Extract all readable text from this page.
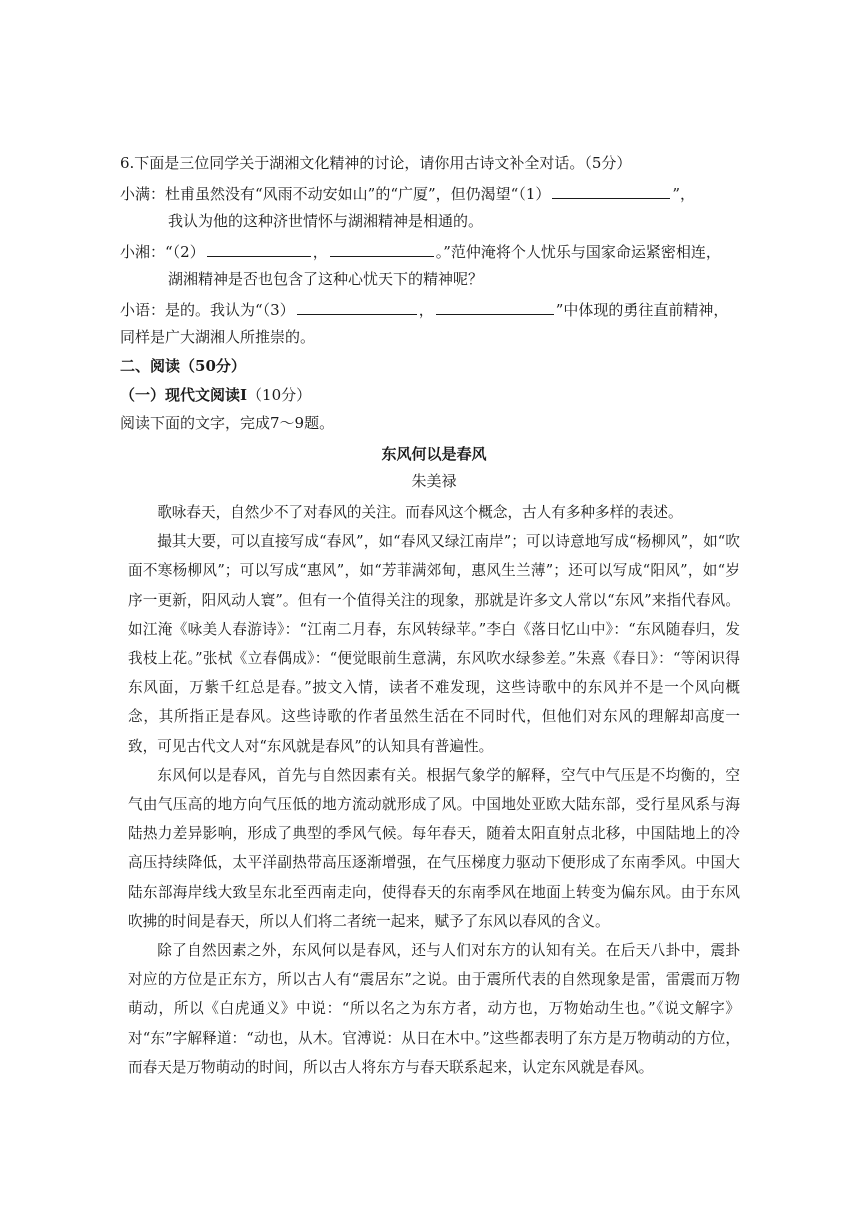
6.下面是三位同学关于湖湘文化精神的讨论，请你用古诗文补全对话。（5分）
小满：杜甫虽然没有“风雨不动安如山”的“广厦”，但仍渴望“（1）	”，
我认为他的这种济世情怀与湖湘精神是相通的。
小湘：“（2）	，	。”范仲淹将个人忧乐与国家命运紧密相连，
湖湘精神是否也包含了这种心忧天下的精神呢？
小语：是的。我认为“（3）	，	”中体现的勇往直前精神，
同样是广大湖湘人所推崇的。
二、阅读（50分）
（一）现代文阅读Ⅰ（10分）
阅读下面的文字，完成7～9题。
东风何以是春风
朱美禄

歌咏春天，自然少不了对春风的关注。而春风这个概念，古人有多种多样的表述。

撮其大要，可以直接写成“春风”，如“春风又绿江南岸”；可以诗意地写成“杨柳风”，如“吹面不寒杨柳风”；可以写成“惠风”，如“芳菲满郊甸，惠风生兰薄”；还可以写成“阳风”，如“岁序一更新，阳风动人寰”。但有一个值得关注的现象，那就是许多文人常以“东风”来指代春风。如江淹《咏美人春游诗》：“江南二月春，东风转绿苹。”李白《落日忆山中》：“东风随春归，发我枝上花。”张栻《立春偶成》：“便觉眼前生意满，东风吹水绿参差。”朱熹《春日》：“等闲识得东风面，万紫千红总是春。”披文入情，读者不难发现，这些诗歌中的东风并不是一个风向概念，其所指正是春风。这些诗歌的作者虽然生活在不同时代，但他们对东风的理解却高度一致，可见古代文人对“东风就是春风”的认知具有普遍性。

东风何以是春风，首先与自然因素有关。根据气象学的解释，空气中气压是不均衡的，空气由气压高的地方向气压低的地方流动就形成了风。中国地处亚欧大陆东部，受行星风系与海陆热力差异影响，形成了典型的季风气候。每年春天，随着太阳直射点北移，中国陆地上的冷高压持续降低，太平洋副热带高压逐渐增强，在气压梯度力驱动下便形成了东南季风。中国大陆东部海岸线大致呈东北至西南走向，使得春天的东南季风在地面上转变为偏东风。由于东风吹拂的时间是春天，所以人们将二者统一起来，赋予了东风以春风的含义。

除了自然因素之外，东风何以是春风，还与人们对东方的认知有关。在后天八卦中，震卦对应的方位是正东方，所以古人有“震居东”之说。由于震所代表的自然现象是雷，雷震而万物萌动，所以《白虎通义》中说：“所以名之为东方者，动方也，万物始动生也。”《说文解字》对“东”字解释道：“动也，从木。官溥说：从日在木中。”这些都表明了东方是万物萌动的方位，而春天是万物萌动的时间，所以古人将东方与春天联系起来，认定东风就是春风。
